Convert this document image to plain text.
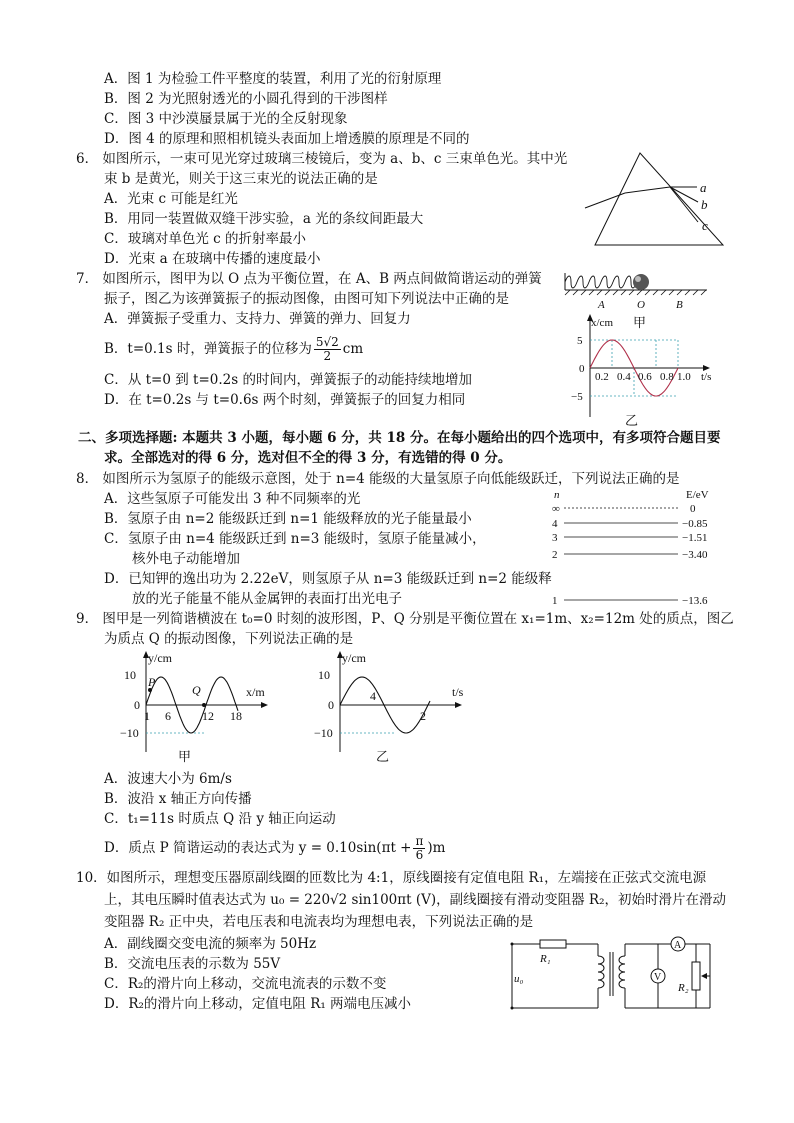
A．图 1 为检验工件平整度的装置，利用了光的衍射原理
B．图 2 为光照射透光的小圆孔得到的干涉图样
C．图 3 中沙漠蜃景属于光的全反射现象
D．图 4 的原理和照相机镜头表面加上增透膜的原理是不同的
6． 如图所示，一束可见光穿过玻璃三棱镜后，变为 a、b、c 三束单色光。其中光
束 b 是黄光，则关于这三束光的说法正确的是
A．光束 c 可能是红光
B．用同一装置做双缝干涉实验，a 光的条纹间距最大
C．玻璃对单色光 c 的折射率最小
D．光束 a 在玻璃中传播的速度最小
a
b
c
7． 如图所示，图甲为以 O 点为平衡位置，在 A、B 两点间做简谐运动的弹簧
振子，图乙为该弹簧振子的振动图像，由图可知下列说法中正确的是
A．弹簧振子受重力、支持力、弹簧的弹力、回复力
B．t=0.1s 时，弹簧振子的位移为 $\frac{5√2}{2}$ cm
C．从 t=0 到 t=0.2s 的时间内，弹簧振子的动能持续地增加
D．在 t=0.2s 与 t=0.6s 两个时刻，弹簧振子的回复力相同
A	O	B
x/cm 甲
t/s
5
−5
0
0.2 0.4 0.6 0.8 1.0
乙
二、多项选择题: 本题共 3 小题，每小题 6 分，共 18 分。在每小题给出的四个选项中，有多项符合题目要
求。全部选对的得 6 分，选对但不全的得 3 分，有选错的得 0 分。
8． 如图所示为氢原子的能级示意图，处于 n=4 能级的大量氢原子向低能级跃迁，下列说法正确的是
A．这些氢原子可能发出 3 种不同频率的光
B．氢原子由 n=2 能级跃迁到 n=1 能级释放的光子能量最小
C．氢原子由 n=4 能级跃迁到 n=3 能级时，氢原子能量减小，
核外电子动能增加
D．已知钾的逸出功为 2.22eV，则氢原子从 n=3 能级跃迁到 n=2 能级释
放的光子能量不能从金属钾的表面打出光电子
n	E/eV
∞	0
4	−0.85
3	−1.51
2	−3.40
1	−13.6
9． 图甲是一列简谐横波在 t₀=0 时刻的波形图，P、Q 分别是平衡位置在 x₁=1m、x₂=12m 处的质点，图乙
为质点 Q 的振动图像，下列说法正确的是
y/cm
x/m
10
−10
0
P
Q
1 6	12 18
甲
y/cm
t/s
10
−10
0
4
2
乙
A．波速大小为 6m/s
B．波沿 x 轴正方向传播
C．t₁=11s 时质点 Q 沿 y 轴正向运动
D．质点 P 简谐运动的表达式为 $y = 0.10\sin(\pi t + \frac{\pi}{6} )m$
10．如图所示，理想变压器原副线圈的匝数比为 4:1，原线圈接有定值电阻 R₁，左端接在正弦式交流电源
上，其电压瞬时值表达式为 u₀ = 220√2 sin100πt (V)，副线圈接有滑动变阻器 R₂，初始时滑片在滑动
变阻器 R₂ 正中央，若电压表和电流表均为理想电表，下列说法正确的是
A．副线圈交变电流的频率为 50Hz
B．交流电压表的示数为 55V
C．R₂的滑片向上移动，交流电流表的示数不变
D．R₂的滑片向上移动，定值电阻 R₁ 两端电压减小
R₁
u₀
A
V
R₂
